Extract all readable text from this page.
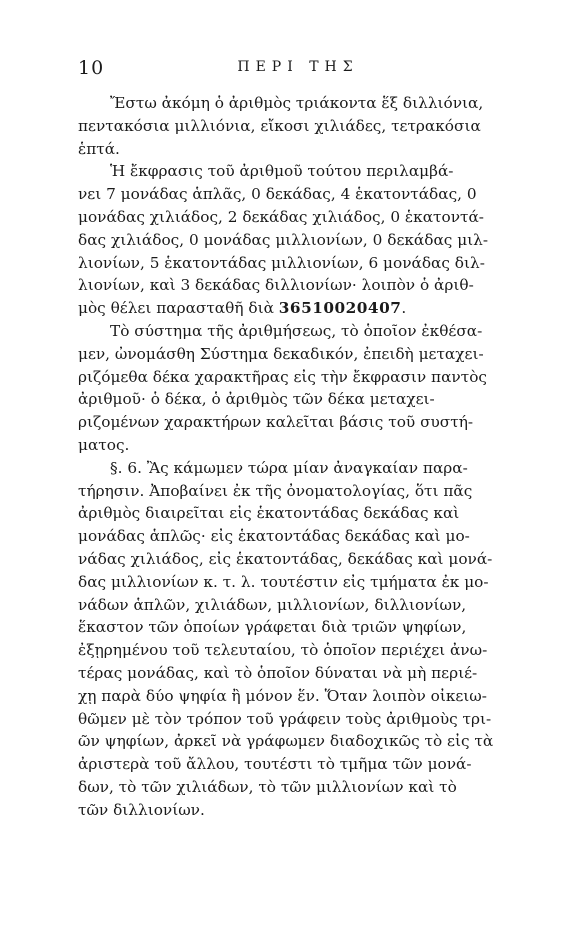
10	ΠΕΡΙ ΤΗΣ
Ἔστω ἀκόμη ὁ ἀριθμὸς τριάκοντα ἕξ διλλιόνια,
πεντακόσια μιλλιόνια, εἴκοσι χιλιάδες, τετρακόσια
ἑπτά.
Ἡ ἔκφρασις τοῦ ἀριθμοῦ τούτου περιλαμβά-
νει 7 μονάδας ἁπλᾶς, 0 δεκάδας, 4 ἑκατοντάδας, 0
μονάδας χιλιάδος, 2 δεκάδας χιλιάδος, 0 ἑκατοντά-
δας χιλιάδος, 0 μονάδας μιλλιονίων, 0 δεκάδας μιλ-
λιονίων, 5 ἑκατοντάδας μιλλιονίων, 6 μονάδας διλ-
λιονίων, καὶ 3 δεκάδας διλλιονίων· λοιπὸν ὁ ἀριθ-
μὸς θέλει παρασταθῆ διὰ 36510020407.
Τὸ σύστημα τῆς ἀριθμήσεως, τὸ ὁποῖον ἐκθέσα-
μεν, ὠνομάσθη Σύστημα δεκαδικόν, ἐπειδὴ μεταχει-
ριζόμεθα δέκα χαρακτῆρας εἰς τὴν ἔκφρασιν παντὸς
ἀριθμοῦ· ὁ δέκα, ὁ ἀριθμὸς τῶν δέκα μεταχει-
ριζομένων χαρακτήρων καλεῖται βάσις τοῦ συστή-
ματος.
§. 6. Ἂς κάμωμεν τώρα μίαν ἀναγκαίαν παρα-
τήρησιν. Ἀποβαίνει ἐκ τῆς ὀνοματολογίας, ὅτι πᾶς
ἀριθμὸς διαιρεῖται εἰς ἑκατοντάδας δεκάδας καὶ
μονάδας ἁπλῶς· εἰς ἑκατοντάδας δεκάδας καὶ μο-
νάδας χιλιάδος, εἰς ἑκατοντάδας, δεκάδας καὶ μονά-
δας μιλλιονίων κ. τ. λ. τουτέστιν εἰς τμήματα ἐκ μο-
νάδων ἁπλῶν, χιλιάδων, μιλλιονίων, διλλιονίων,
ἕκαστον τῶν ὁποίων γράφεται διὰ τριῶν ψηφίων,
ἐξῃρημένου τοῦ τελευταίου, τὸ ὁποῖον περιέχει ἀνω-
τέρας μονάδας, καὶ τὸ ὁποῖον δύναται νὰ μὴ περιέ-
χῃ παρὰ δύο ψηφία ἢ μόνον ἕν. Ὅταν λοιπὸν οἰκειω-
θῶμεν μὲ τὸν τρόπον τοῦ γράφειν τοὺς ἀριθμοὺς τρι-
ῶν ψηφίων, ἀρκεῖ νὰ γράφωμεν διαδοχικῶς τὸ εἰς τὰ
ἀριστερὰ τοῦ ἄλλου, τουτέστι τὸ τμῆμα τῶν μονά-
δων, τὸ τῶν χιλιάδων, τὸ τῶν μιλλιονίων καὶ τὸ
τῶν διλλιονίων.
